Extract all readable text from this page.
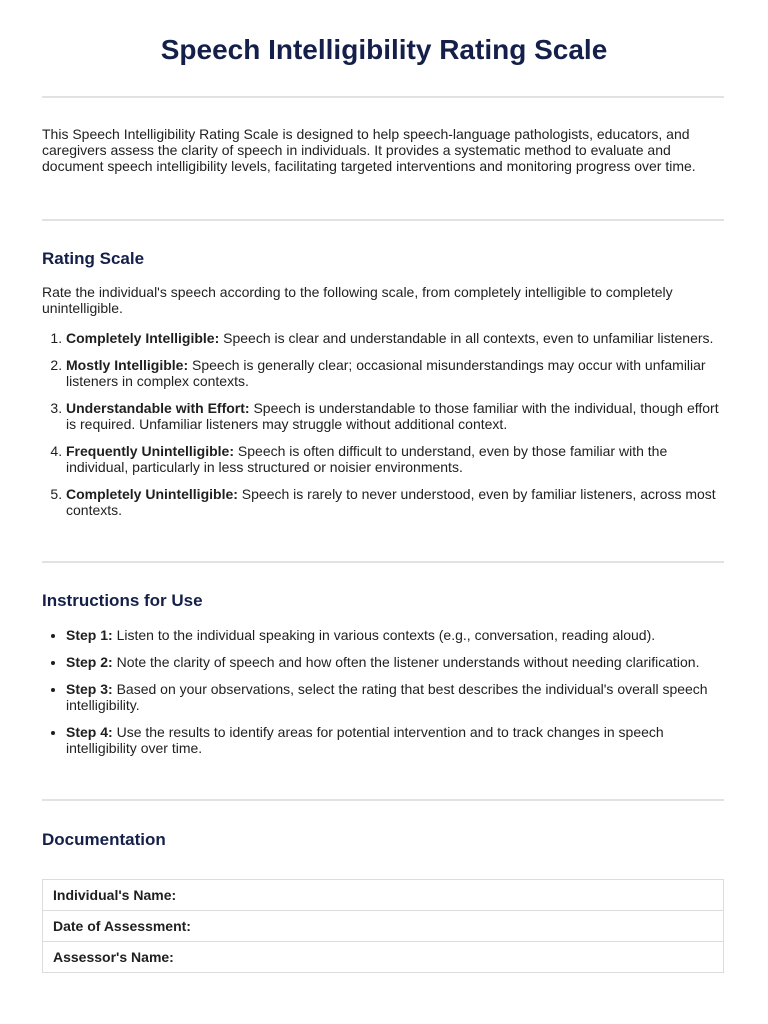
Speech Intelligibility Rating Scale

This Speech Intelligibility Rating Scale is designed to help speech-language pathologists, educators, and caregivers assess the clarity of speech in individuals. It provides a systematic method to evaluate and document speech intelligibility levels, facilitating targeted interventions and monitoring progress over time.

Rating Scale

Rate the individual's speech according to the following scale, from completely intelligible to completely unintelligible.

1. Completely Intelligible: Speech is clear and understandable in all contexts, even to unfamiliar listeners.
2. Mostly Intelligible: Speech is generally clear; occasional misunderstandings may occur with unfamiliar listeners in complex contexts.
3. Understandable with Effort: Speech is understandable to those familiar with the individual, though effort is required. Unfamiliar listeners may struggle without additional context.
4. Frequently Unintelligible: Speech is often difficult to understand, even by those familiar with the individual, particularly in less structured or noisier environments.
5. Completely Unintelligible: Speech is rarely to never understood, even by familiar listeners, across most contexts.
Instructions for Use
• Step 1: Listen to the individual speaking in various contexts (e.g., conversation, reading aloud).
• Step 2: Note the clarity of speech and how often the listener understands without needing clarification.
• Step 3: Based on your observations, select the rating that best describes the individual's overall speech intelligibility.
• Step 4: Use the results to identify areas for potential intervention and to track changes in speech intelligibility over time.
Documentation
Individual's Name:
Date of Assessment:
Assessor's Name:
